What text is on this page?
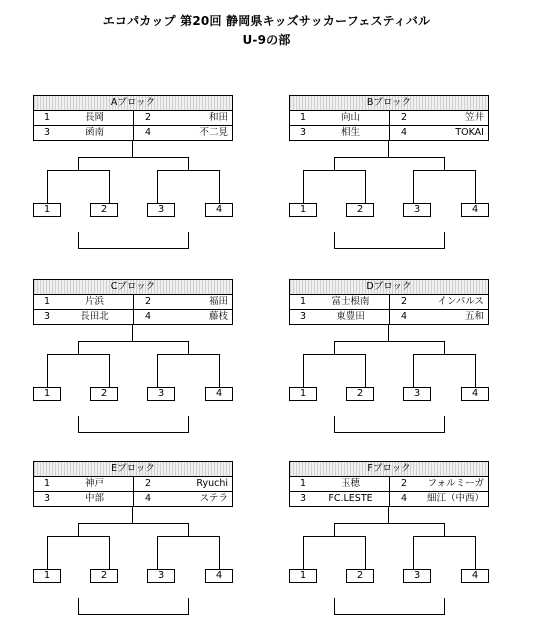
エコパカップ 第20回 静岡県キッズサッカーフェスティバル
U-9の部
Aブロック
1	長岡	2	和田
3	函南	4	不二見
1	2	3	4
Bブロック
1	向山	2	笠井
3	相生	4	TOKAI
1	2	3	4
Cブロック
1	片浜	2	福田
3	長田北	4	藤枝
1	2	3	4
Dブロック
1	富士根南	2	インパルス
3	東豊田	4	五和
1	2	3	4
Eブロック
1	神戸	2	Ryuchi
3	中部	4	ステラ
1	2	3	4
Fブロック
1	玉穂	2	フォルミーガ
3	FC.LESTE	4	細江（中西）
1	2	3	4
